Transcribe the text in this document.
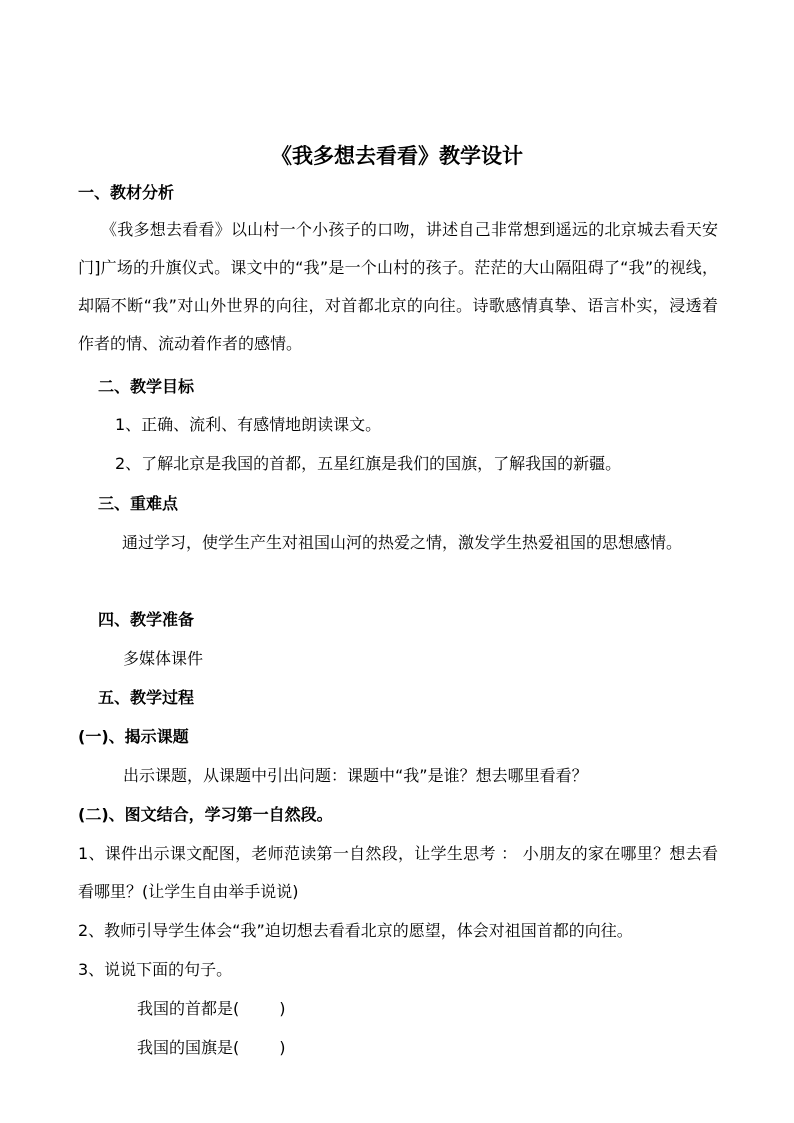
《我多想去看看》教学设计
一、教材分析
《我多想去看看》以山村一个小孩子的口吻，讲述自己非常想到遥远的北京城去看天安门]广场的升旗仪式。课文中的“我”是一个山村的孩子。茫茫的大山隔阻碍了“我”的视线，却隔不断“我”对山外世界的向往，对首都北京的向往。诗歌感情真挚、语言朴实，浸透着作者的情、流动着作者的感情。
二、教学目标
1、正确、流利、有感情地朗读课文。
2、了解北京是我国的首都，五星红旗是我们的国旗，了解我国的新疆。
三、重难点
通过学习，使学生产生对祖国山河的热爱之情，激发学生热爱祖国的思想感情。
四、教学准备
多媒体课件
五、教学过程
(一)、揭示课题
出示课题，从课题中引出问题：课题中“我”是谁？想去哪里看看？
(二)、图文结合，学习第一自然段。
1、课件出示课文配图，老师范读第一自然段，让学生思考 ： 小朋友的家在哪里？想去看看哪里？(让学生自由举手说说)
2、教师引导学生体会“我”迫切想去看看北京的愿望，体会对祖国首都的向往。
3、说说下面的句子。
我国的首都是(	)
我国的国旗是(	)
